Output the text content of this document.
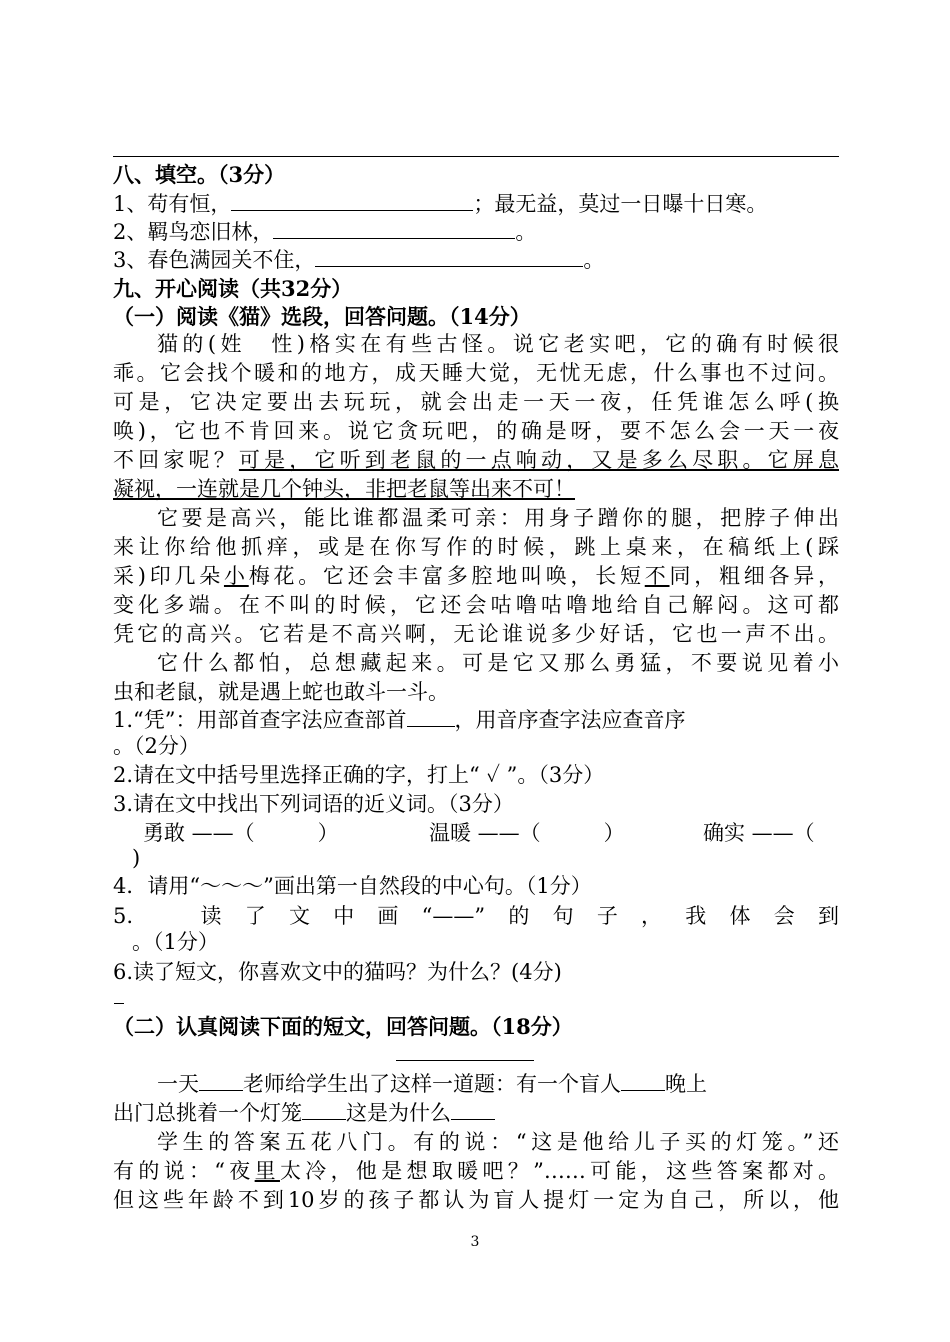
八、填空。（3分）
1、苟有恒，	；最无益，莫过一日曝十日寒。
2、羁鸟恋旧林，	。
3、春色满园关不住，	。
九、开心阅读（共32分）
（一）阅读《猫》选段，回答问题。（14分）
猫的(姓　性)格实在有些古怪。说它老实吧，它的确有时候很
乖。它会找个暖和的地方，成天睡大觉，无忧无虑，什么事也不过问。
可是，它决定要出去玩玩，就会出走一天一夜，任凭谁怎么呼(换
唤)，它也不肯回来。说它贪玩吧，的确是呀，要不怎么会一天一夜
不回家呢？可是，它听到老鼠的一点响动，又是多么尽职。它屏息
凝视，一连就是几个钟头，非把老鼠等出来不可！
它要是高兴，能比谁都温柔可亲：用身子蹭你的腿，把脖子伸出
来让你给他抓痒，或是在你写作的时候，跳上桌来，在稿纸上(踩
采)印几朵小梅花。它还会丰富多腔地叫唤，长短不同，粗细各异，
变化多端。在不叫的时候，它还会咕噜咕噜地给自己解闷。这可都
凭它的高兴。它若是不高兴啊，无论谁说多少好话，它也一声不出。
它什么都怕，总想藏起来。可是它又那么勇猛，不要说见着小
虫和老鼠，就是遇上蛇也敢斗一斗。
1.“凭”：用部首查字法应查部首 ，用音序查字法应查音序
。（2分）
2.请在文中括号里选择正确的字，打上“ ✓ ”。（3分）
3.请在文中找出下列词语的近义词。（3分）
勇敢 ——（　　　）	温暖 ——（　　　）	确实 ——（
)
4．请用“～～～”画出第一自然段的中心句。（1分）
5.　读了文中画“——”的句子，我体会到
。（1分）
6.读了短文，你喜欢文中的猫吗？为什么？(4分)
（二）认真阅读下面的短文，回答问题。（18分）
一天 老师给学生出了这样一道题：有一个盲人 晚上
出门总挑着一个灯笼 这是为什么
学生的答案五花八门。有的说：“这是他给儿子买的灯笼。”还
有的说：“夜里太冷，他是想取暖吧？”……可能，这些答案都对。
但这些年龄不到10岁的孩子都认为盲人提灯一定为自己，所以，他
3
